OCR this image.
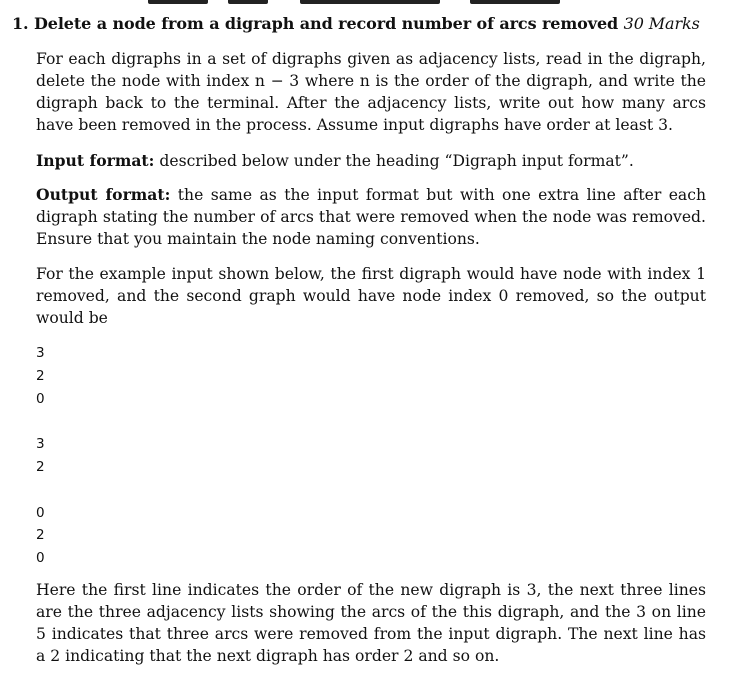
1. Delete a node from a digraph and record number of arcs removed 30 Marks
For each digraphs in a set of digraphs given as adjacency lists, read in the digraph, delete the node with index n − 3 where n is the order of the digraph, and write the digraph back to the terminal. After the adjacency lists, write out how many arcs have been removed in the process. Assume input digraphs have order at least 3.
Input format: described below under the heading “Digraph input format”.
Output format: the same as the input format but with one extra line after each digraph stating the number of arcs that were removed when the node was removed. Ensure that you maintain the node naming conventions.
For the example input shown below, the first digraph would have node with index 1 removed, and the second graph would have node index 0 removed, so the output would be
3
2
0
3
2
0
2
0
Here the first line indicates the order of the new digraph is 3, the next three lines are the three adjacency lists showing the arcs of the this digraph, and the 3 on line 5 indicates that three arcs were removed from the input digraph. The next line has a 2 indicating that the next digraph has order 2 and so on.
